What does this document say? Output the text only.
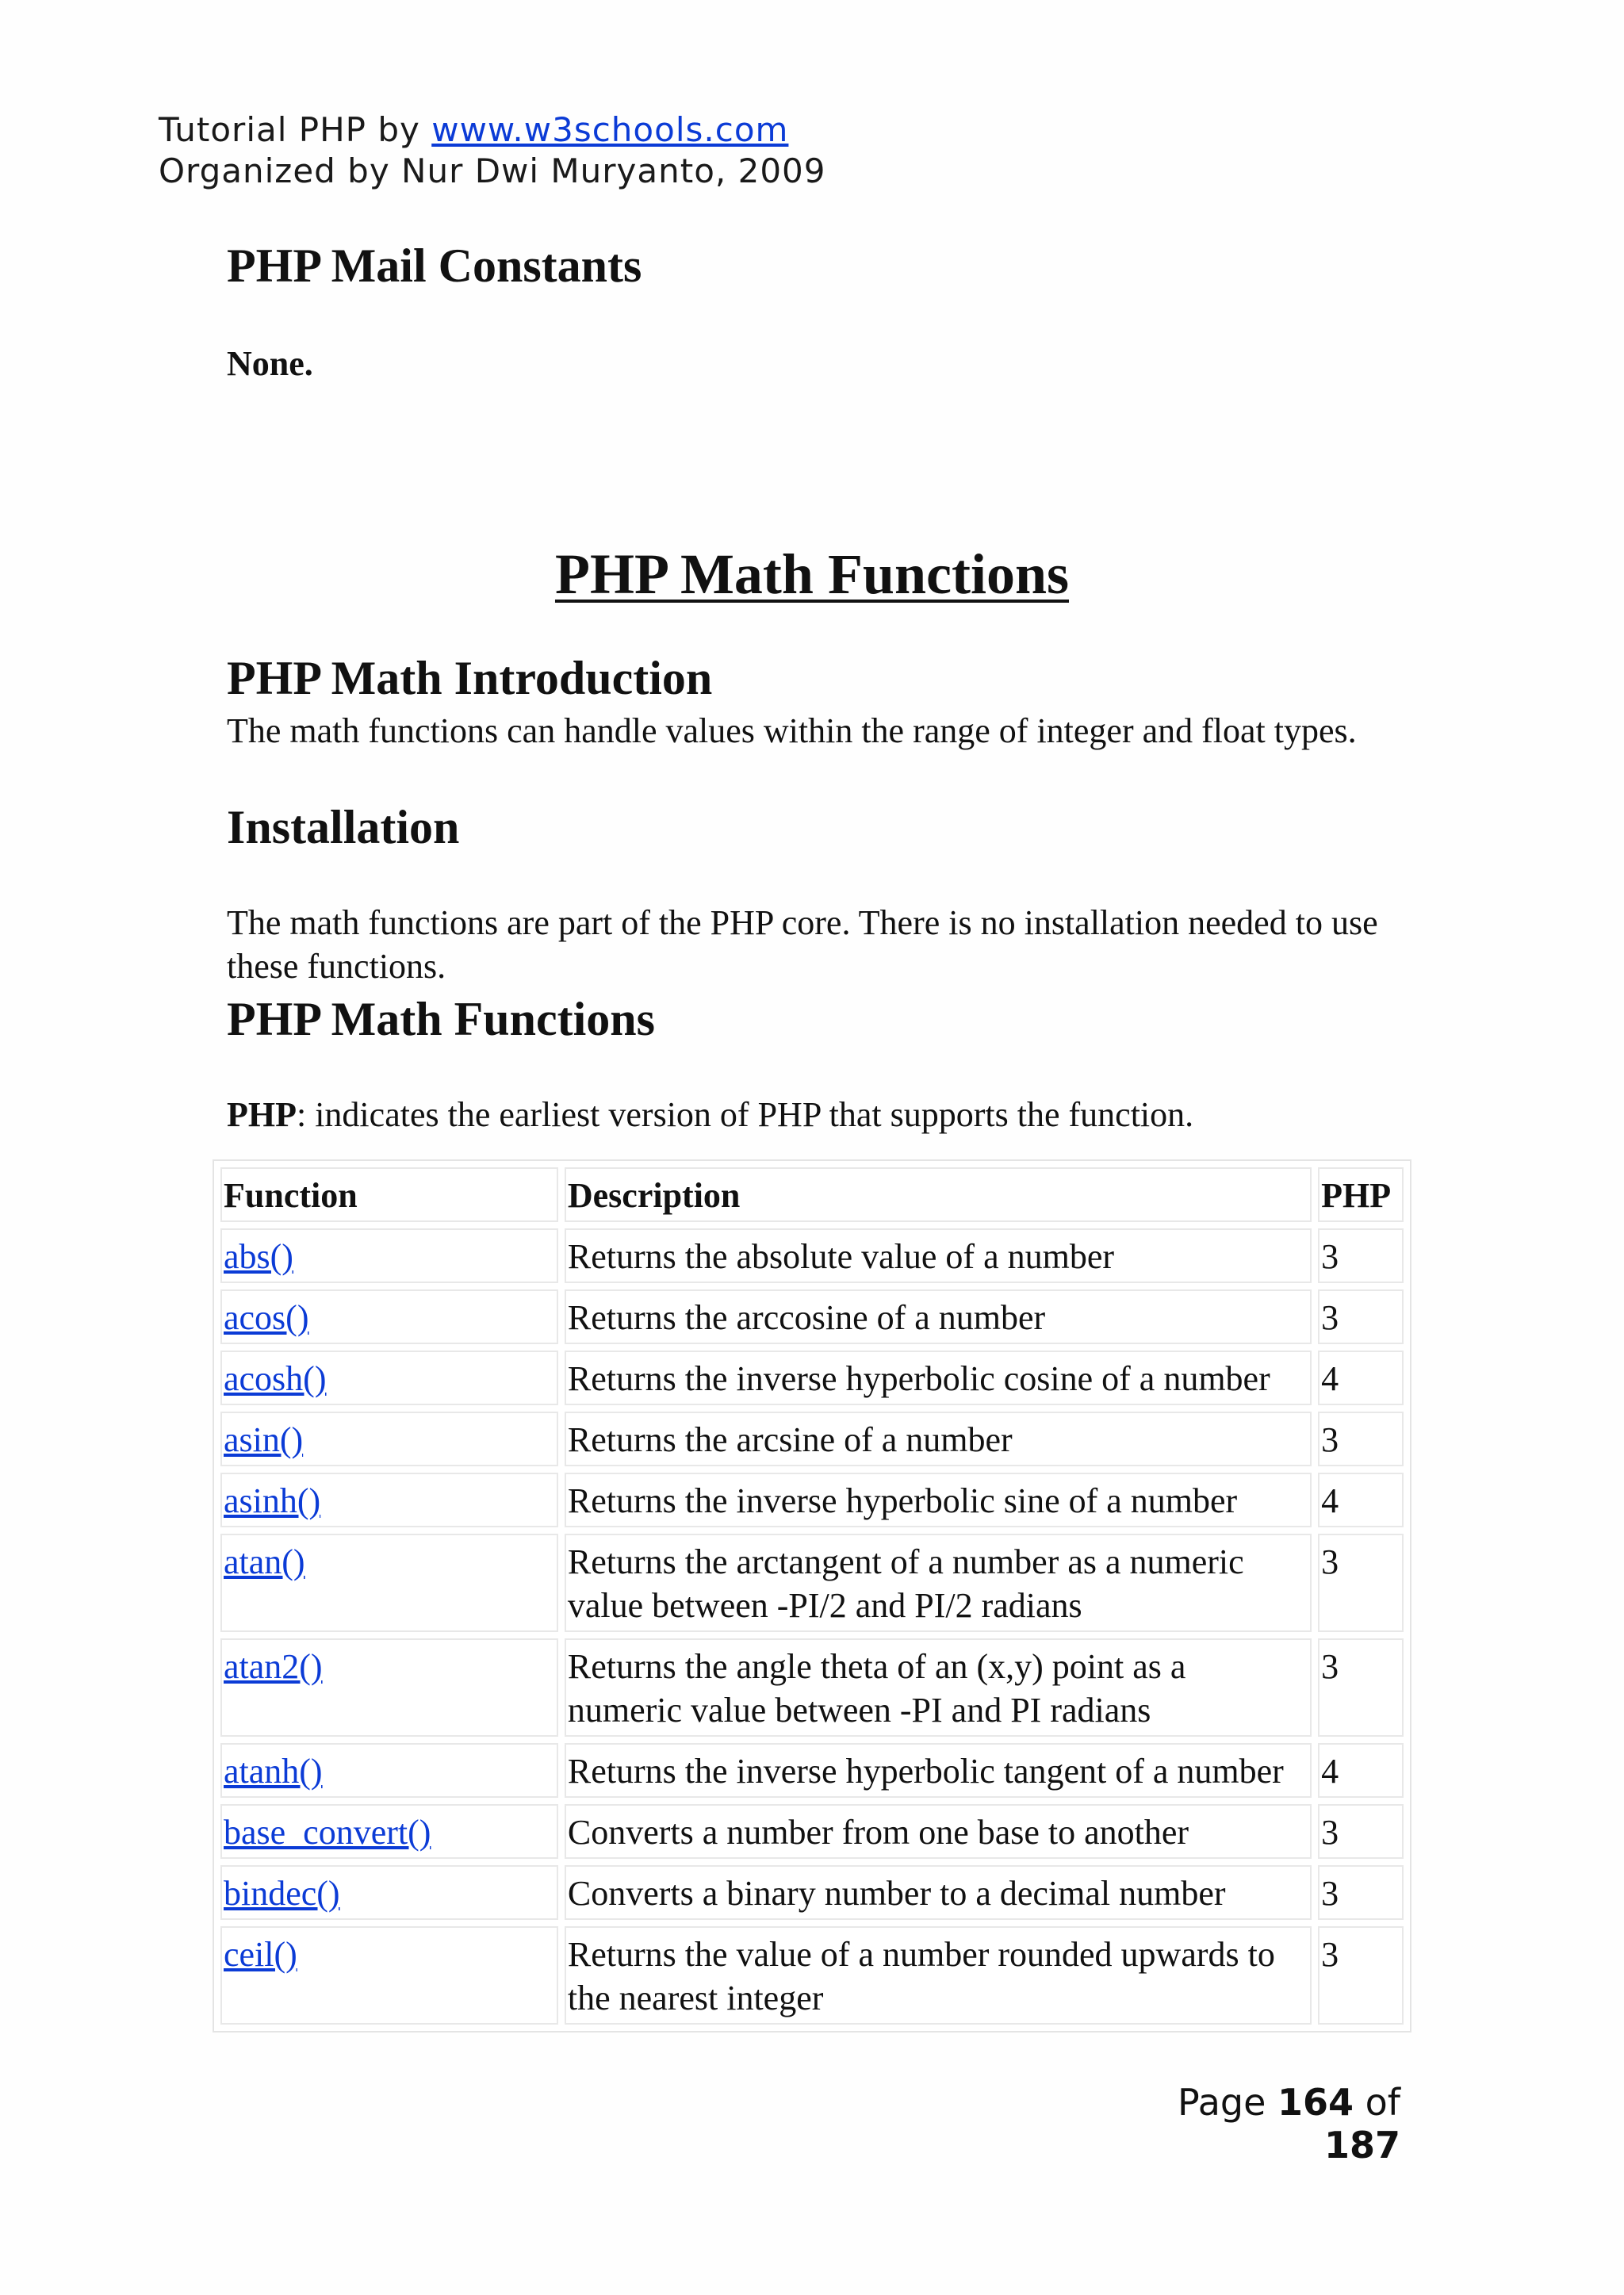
Tutorial PHP by www.w3schools.com
Organized by Nur Dwi Muryanto, 2009
PHP Mail Constants

None.

PHP Math Functions
PHP Math Introduction

The math functions can handle values within the range of integer and float types.

Installation

The math functions are part of the PHP core. There is no installation needed to use these functions.

PHP Math Functions

PHP: indicates the earliest version of PHP that supports the function.

Function	Description	PHP
abs()	Returns the absolute value of a number	3
acos()	Returns the arccosine of a number	3
acosh()	Returns the inverse hyperbolic cosine of a number	4
asin()	Returns the arcsine of a number	3
asinh()	Returns the inverse hyperbolic sine of a number	4
atan()	Returns the arctangent of a number as a numeric value between -PI/2 and PI/2 radians	3
atan2()	Returns the angle theta of an (x,y) point as a numeric value between -PI and PI radians	3
atanh()	Returns the inverse hyperbolic tangent of a number	4
base_convert()	Converts a number from one base to another	3
bindec()	Converts a binary number to a decimal number	3
ceil()	Returns the value of a number rounded upwards to the nearest integer	3
Page 164 of 187
